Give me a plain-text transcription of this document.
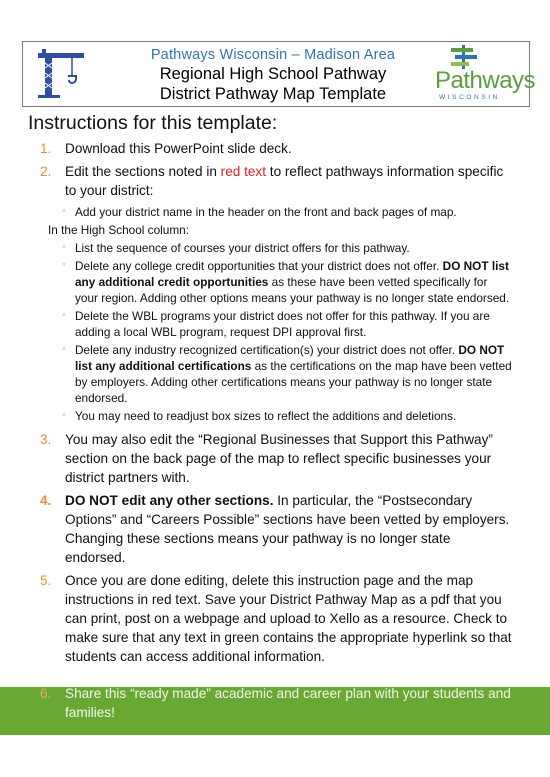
Pathways Wisconsin – Madison Area
Regional High School Pathway
District Pathway Map Template	Pathways
WISCONSIN
Instructions for this template:
1. Download this PowerPoint slide deck.
2. Edit the sections noted in red text to reflect pathways information specific to your district:
◦ Add your district name in the header on the front and back pages of map.
In the High School column:
◦ List the sequence of courses your district offers for this pathway.
◦ Delete any college credit opportunities that your district does not offer. DO NOT list any additional credit opportunities as these have been vetted specifically for your region. Adding other options means your pathway is no longer state endorsed.
◦ Delete the WBL programs your district does not offer for this pathway. If you are adding a local WBL program, request DPI approval first.
◦ Delete any industry recognized certification(s) your district does not offer. DO NOT list any additional certifications as the certifications on the map have been vetted by employers. Adding other certifications means your pathway is no longer state endorsed.
◦ You may need to readjust box sizes to reflect the additions and deletions.
3. You may also edit the “Regional Businesses that Support this Pathway” section on the back page of the map to reflect specific businesses your district partners with.
4. DO NOT edit any other sections. In particular, the “Postsecondary Options” and “Careers Possible” sections have been vetted by employers. Changing these sections means your pathway is no longer state endorsed.
5. Once you are done editing, delete this instruction page and the map instructions in red text. Save your District Pathway Map as a pdf that you can print, post on a webpage and upload to Xello as a resource. Check to make sure that any text in green contains the appropriate hyperlink so that students can access additional information.
6. Share this “ready made” academic and career plan with your students and families!
